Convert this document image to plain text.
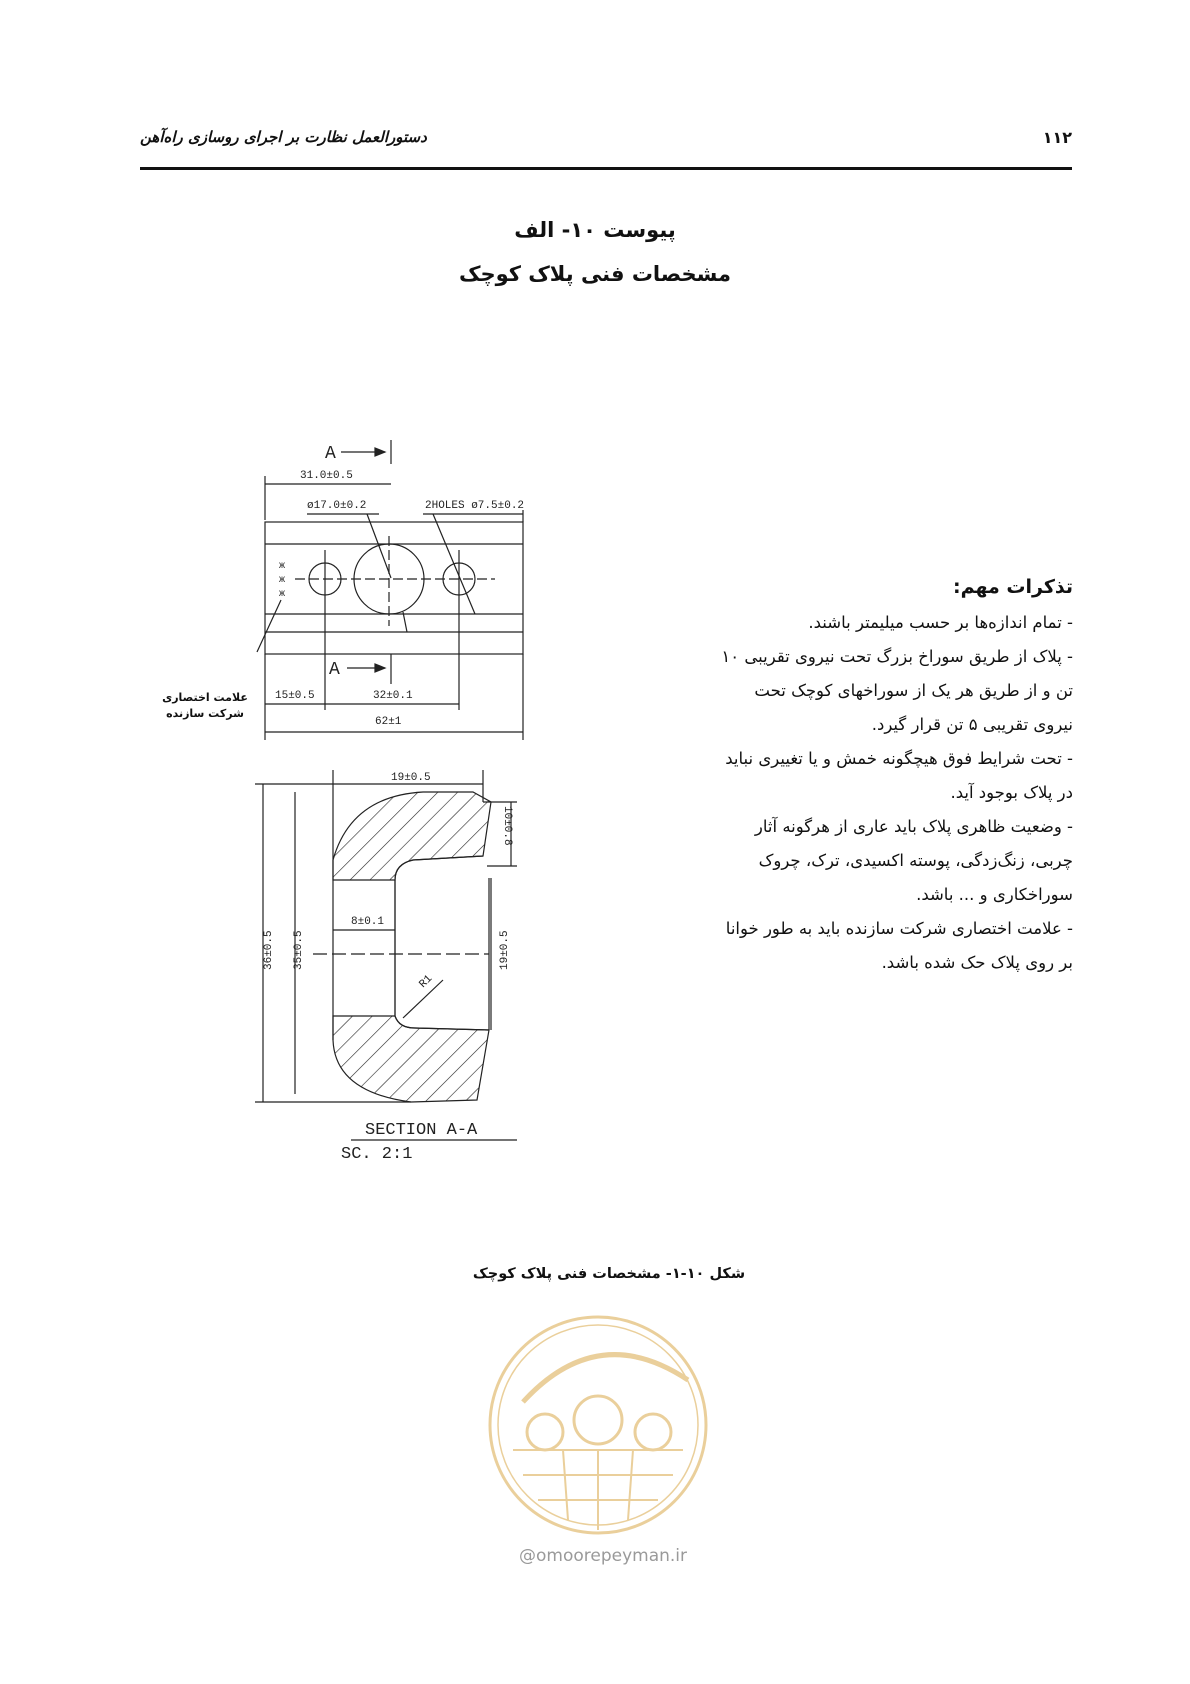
دستورالعمل نظارت بر اجرای روسازی راه‌آهن	۱۱۲
پیوست ۱۰- الف
مشخصات فنی پلاک کوچک
A
31.0±0.5
ø17.0±0.2	2HOLES ø7.5±0.2
ж
ж
ж
A
15±0.5	32±0.1
62±1
19±0.5
10±0.8
8±0.1
R1
36±0.5 35±0.5	19±0.5
SECTION A-A
SC. 2:1
علامت اختصاری
شرکت سازنده
تذکرات مهم:

- تمام اندازه‌ها بر حسب میلیمتر باشند.

- پلاک از طریق سوراخ بزرگ تحت نیروی تقریبی ۱۰ تن و از طریق هر یک از سوراخهای کوچک تحت نیروی تقریبی ۵ تن قرار گیرد.

- تحت شرایط فوق هیچگونه خمش و یا تغییری نباید در پلاک بوجود آید.

- وضعیت ظاهری پلاک باید عاری از هرگونه آثار چربی، زنگ‌زدگی، پوسته اکسیدی، ترک، چروک سوراخکاری و ... باشد.

- علامت اختصاری شرکت سازنده باید به طور خوانا بر روی پلاک حک شده باشد.

شکل ۱۰-۱- مشخصات فنی پلاک کوچک
@omoorepeyman.ir
